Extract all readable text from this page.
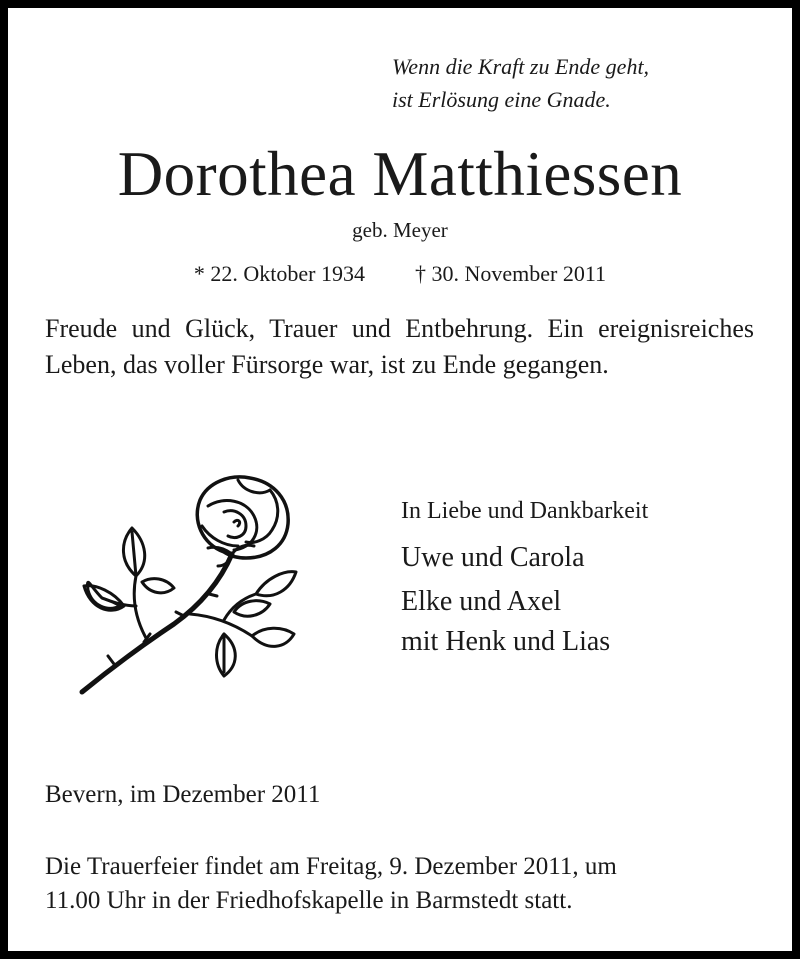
Wenn die Kraft zu Ende geht,
ist Erlösung eine Gnade.
Dorothea Matthiessen
geb. Meyer
* 22. Oktober 1934 † 30. November 2011
Freude und Glück, Trauer und Entbehrung. Ein ereignisreiches Leben, das voller Fürsorge war, ist zu Ende gegangen.
In Liebe und Dankbarkeit
Uwe und Carola
Elke und Axel
mit Henk und Lias
Bevern, im Dezember 2011
Die Trauerfeier findet am Freitag, 9. Dezember 2011, um
11.00 Uhr in der Friedhofskapelle in Barmstedt statt.
